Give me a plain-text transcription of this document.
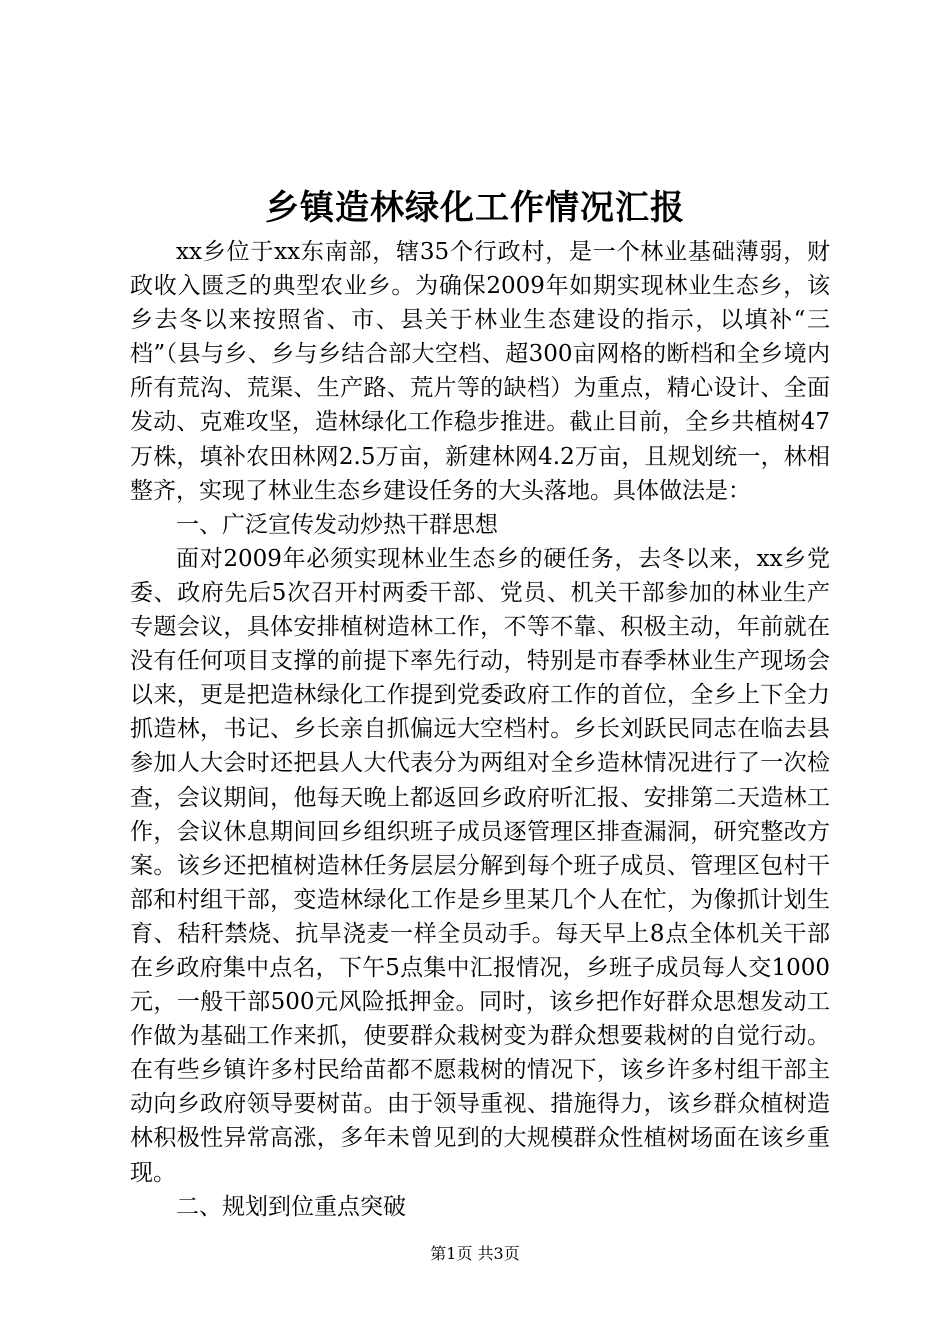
乡镇造林绿化工作情况汇报

xx乡位于xx东南部，辖35个行政村，是一个林业基础薄弱，财政收入匮乏的典型农业乡。为确保2009年如期实现林业生态乡，该乡去冬以来按照省、市、县关于林业生态建设的指示，以填补“三档”（县与乡、乡与乡结合部大空档、超300亩网格的断档和全乡境内所有荒沟、荒渠、生产路、荒片等的缺档）为重点，精心设计、全面发动、克难攻坚，造林绿化工作稳步推进。截止目前，全乡共植树47万株，填补农田林网2.5万亩，新建林网4.2万亩，且规划统一，林相整齐，实现了林业生态乡建设任务的大头落地。具体做法是：

一、广泛宣传发动炒热干群思想

面对2009年必须实现林业生态乡的硬任务，去冬以来，xx乡党委、政府先后5次召开村两委干部、党员、机关干部参加的林业生产专题会议，具体安排植树造林工作，不等不靠、积极主动，年前就在没有任何项目支撑的前提下率先行动，特别是市春季林业生产现场会以来，更是把造林绿化工作提到党委政府工作的首位，全乡上下全力抓造林，书记、乡长亲自抓偏远大空档村。乡长刘跃民同志在临去县参加人大会时还把县人大代表分为两组对全乡造林情况进行了一次检查，会议期间，他每天晚上都返回乡政府听汇报、安排第二天造林工作，会议休息期间回乡组织班子成员逐管理区排查漏洞，研究整改方案。该乡还把植树造林任务层层分解到每个班子成员、管理区包村干部和村组干部，变造林绿化工作是乡里某几个人在忙，为像抓计划生育、秸秆禁烧、抗旱浇麦一样全员动手。每天早上8点全体机关干部在乡政府集中点名，下午5点集中汇报情况，乡班子成员每人交1000元，一般干部500元风险抵押金。同时，该乡把作好群众思想发动工作做为基础工作来抓，使要群众栽树变为群众想要栽树的自觉行动。在有些乡镇许多村民给苗都不愿栽树的情况下，该乡许多村组干部主动向乡政府领导要树苗。由于领导重视、措施得力，该乡群众植树造林积极性异常高涨，多年未曾见到的大规模群众性植树场面在该乡重现。

二、规划到位重点突破

第1页 共3页
